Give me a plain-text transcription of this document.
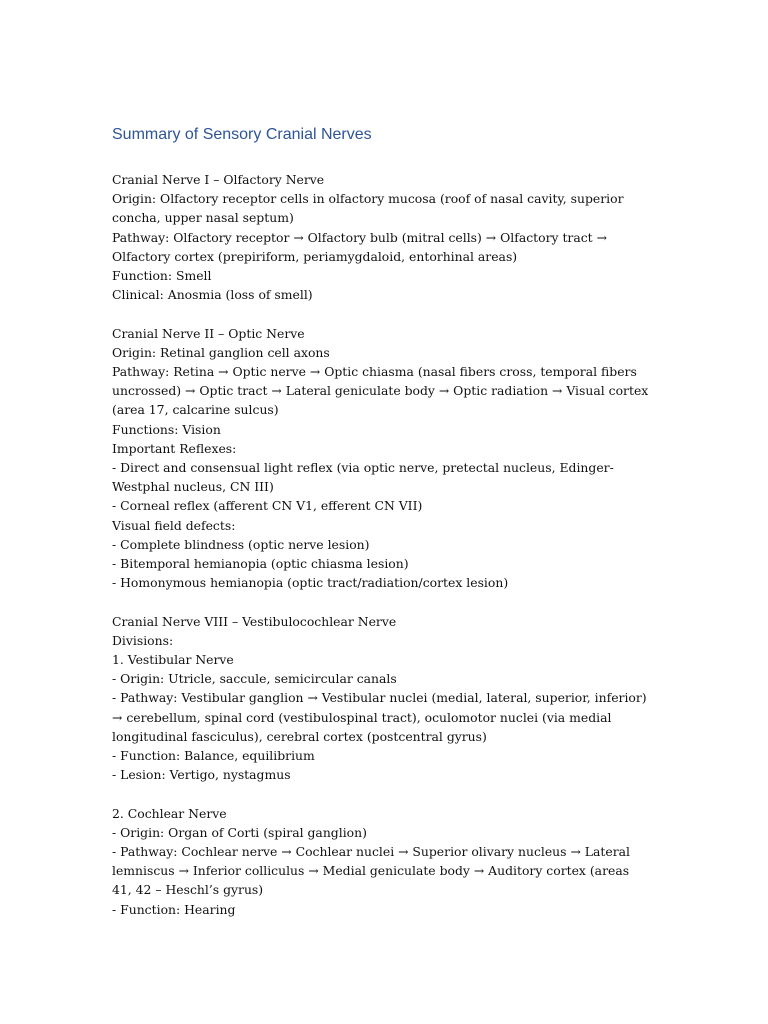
Summary of Sensory Cranial Nerves

Cranial Nerve I – Olfactory Nerve

Origin: Olfactory receptor cells in olfactory mucosa (roof of nasal cavity, superior concha, upper nasal septum)

Pathway: Olfactory receptor → Olfactory bulb (mitral cells) → Olfactory tract → Olfactory cortex (prepiriform, periamygdaloid, entorhinal areas)

Function: Smell

Clinical: Anosmia (loss of smell)

Cranial Nerve II – Optic Nerve

Origin: Retinal ganglion cell axons

Pathway: Retina → Optic nerve → Optic chiasma (nasal fibers cross, temporal fibers uncrossed) → Optic tract → Lateral geniculate body → Optic radiation → Visual cortex (area 17, calcarine sulcus)

Functions: Vision

Important Reflexes:

- Direct and consensual light reflex (via optic nerve, pretectal nucleus, Edinger-Westphal nucleus, CN III)

- Corneal reflex (afferent CN V1, efferent CN VII)

Visual field defects:

- Complete blindness (optic nerve lesion)

- Bitemporal hemianopia (optic chiasma lesion)

- Homonymous hemianopia (optic tract/radiation/cortex lesion)

Cranial Nerve VIII – Vestibulocochlear Nerve

Divisions:

1. Vestibular Nerve

- Origin: Utricle, saccule, semicircular canals

- Pathway: Vestibular ganglion → Vestibular nuclei (medial, lateral, superior, inferior) → cerebellum, spinal cord (vestibulospinal tract), oculomotor nuclei (via medial longitudinal fasciculus), cerebral cortex (postcentral gyrus)

- Function: Balance, equilibrium

- Lesion: Vertigo, nystagmus

2. Cochlear Nerve

- Origin: Organ of Corti (spiral ganglion)

- Pathway: Cochlear nerve → Cochlear nuclei → Superior olivary nucleus → Lateral lemniscus → Inferior colliculus → Medial geniculate body → Auditory cortex (areas 41, 42 – Heschl’s gyrus)

- Function: Hearing
